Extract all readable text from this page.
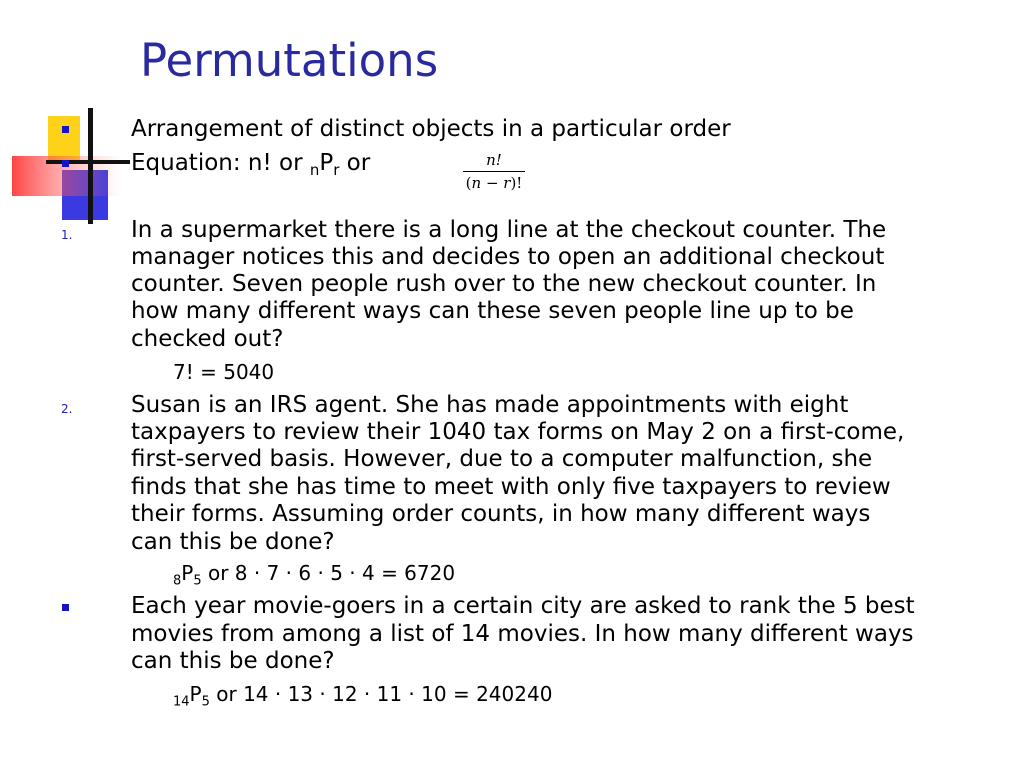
Permutations
Arrangement of distinct objects in a particular order
Equation: n! or $_nP_r$ or	n!
(n − r)!
1.	In a supermarket there is a long line at the checkout counter. The
manager notices this and decides to open an additional checkout
counter. Seven people rush over to the new checkout counter. In
how many different ways can these seven people line up to be
checked out?
7! = 5040
2.	Susan is an IRS agent. She has made appointments with eight
taxpayers to review their 1040 tax forms on May 2 on a first-come,
first-served basis. However, due to a computer malfunction, she
finds that she has time to meet with only five taxpayers to review
their forms. Assuming order counts, in how many different ways
can this be done?
$_8P_5$ or 8 · 7 · 6 · 5 · 4 = 6720
Each year movie-goers in a certain city are asked to rank the 5 best
movies from among a list of 14 movies. In how many different ways
can this be done?
$_{14}P_5$ or 14 · 13 · 12 · 11 · 10 = 240240
